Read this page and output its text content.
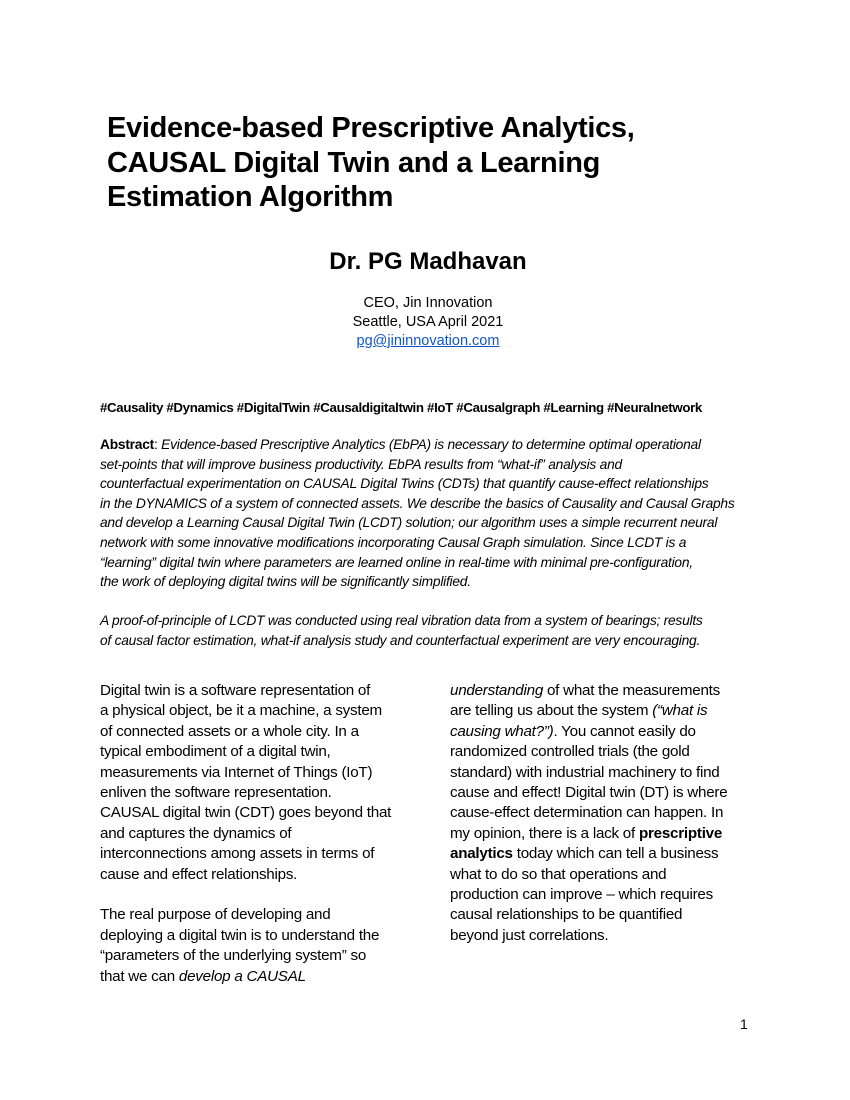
Evidence-based Prescriptive Analytics,
CAUSAL Digital Twin and a Learning
Estimation Algorithm
Dr. PG Madhavan
CEO, Jin Innovation
Seattle, USA April 2021
pg@jininnovation.com
#Causality #Dynamics #DigitalTwin #Causaldigitaltwin #IoT #Causalgraph #Learning #Neuralnetwork
Abstract: Evidence-based Prescriptive Analytics (EbPA) is necessary to determine optimal operational
set-points that will improve business productivity. EbPA results from “what-if” analysis and
counterfactual experimentation on CAUSAL Digital Twins (CDTs) that quantify cause-effect relationships
in the DYNAMICS of a system of connected assets. We describe the basics of Causality and Causal Graphs
and develop a Learning Causal Digital Twin (LCDT) solution; our algorithm uses a simple recurrent neural
network with some innovative modifications incorporating Causal Graph simulation. Since LCDT is a
“learning” digital twin where parameters are learned online in real-time with minimal pre-configuration,
the work of deploying digital twins will be significantly simplified.
A proof-of-principle of LCDT was conducted using real vibration data from a system of bearings; results
of causal factor estimation, what-if analysis study and counterfactual experiment are very encouraging.
Digital twin is a software representation of
a physical object, be it a machine, a system
of connected assets or a whole city. In a
typical embodiment of a digital twin,
measurements via Internet of Things (IoT)
enliven the software representation.
CAUSAL digital twin (CDT) goes beyond that
and captures the dynamics of
interconnections among assets in terms of
cause and effect relationships.
The real purpose of developing and
deploying a digital twin is to understand the
“parameters of the underlying system” so
that we can develop a CAUSAL
understanding of what the measurements
are telling us about the system (“what is
causing what?”). You cannot easily do
randomized controlled trials (the gold
standard) with industrial machinery to find
cause and effect! Digital twin (DT) is where
cause-effect determination can happen. In
my opinion, there is a lack of prescriptive
analytics today which can tell a business
what to do so that operations and
production can improve – which requires
causal relationships to be quantified
beyond just correlations.
1
